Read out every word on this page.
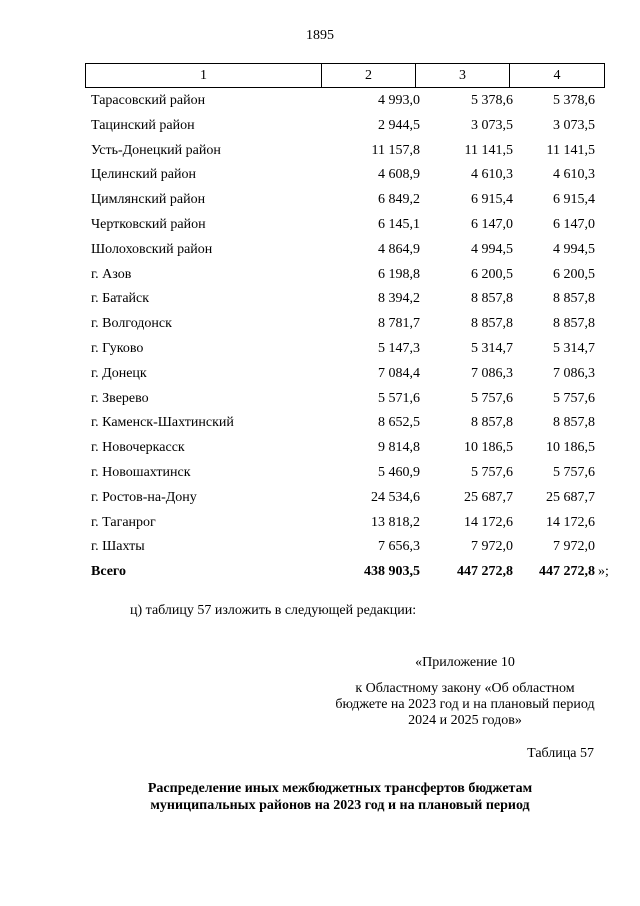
1895
1	2	3	4
Тарасовский район	4 993,0	5 378,6	5 378,6
Тацинский район	2 944,5	3 073,5	3 073,5
Усть-Донецкий район	11 157,8	11 141,5	11 141,5
Целинский район	4 608,9	4 610,3	4 610,3
Цимлянский район	6 849,2	6 915,4	6 915,4
Чертковский район	6 145,1	6 147,0	6 147,0
Шолоховский район	4 864,9	4 994,5	4 994,5
г. Азов	6 198,8	6 200,5	6 200,5
г. Батайск	8 394,2	8 857,8	8 857,8
г. Волгодонск	8 781,7	8 857,8	8 857,8
г. Гуково	5 147,3	5 314,7	5 314,7
г. Донецк	7 084,4	7 086,3	7 086,3
г. Зверево	5 571,6	5 757,6	5 757,6
г. Каменск-Шахтинский	8 652,5	8 857,8	8 857,8
г. Новочеркасск	9 814,8	10 186,5	10 186,5
г. Новошахтинск	5 460,9	5 757,6	5 757,6
г. Ростов-на-Дону	24 534,6	25 687,7	25 687,7
г. Таганрог	13 818,2	14 172,6	14 172,6
г. Шахты	7 656,3	7 972,0	7 972,0
Всего	438 903,5	447 272,8	447 272,8 »;
ц) таблицу 57 изложить в следующей редакции:
«Приложение 10
к Областному закону «Об областном бюджете на 2023 год и на плановый период 2024 и 2025 годов»
Таблица 57
Распределение иных межбюджетных трансфертов бюджетам муниципальных районов на 2023 год и на плановый период
